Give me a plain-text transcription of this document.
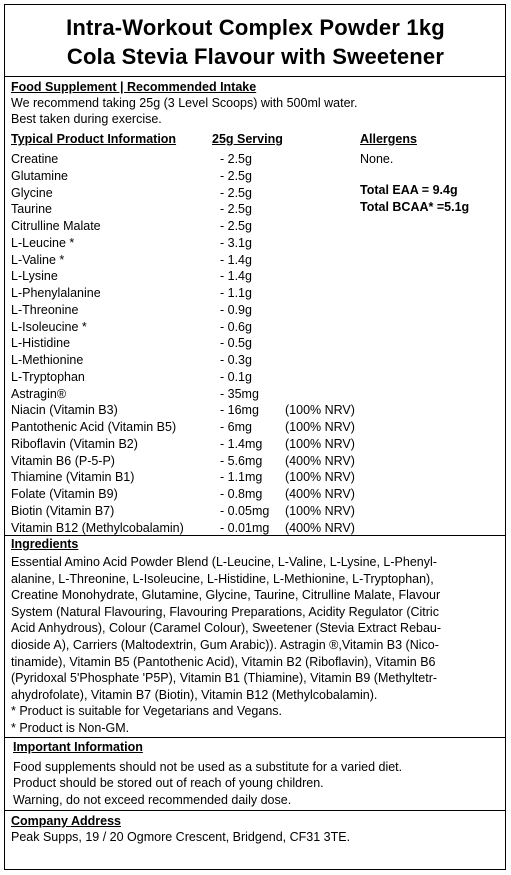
Intra-Workout Complex Powder 1kg
Cola Stevia Flavour with Sweetener
Food Supplement | Recommended Intake
We recommend taking 25g (3 Level Scoops) with 500ml water.
Best taken during exercise.
Typical Product Information	25g Serving	Allergens
Creatine	- 2.5g
Glutamine	- 2.5g
Glycine	- 2.5g
Taurine	- 2.5g
Citrulline Malate	- 2.5g
L-Leucine *	- 3.1g
L-Valine *	- 1.4g
L-Lysine	- 1.4g
L-Phenylalanine	- 1.1g
L-Threonine	- 0.9g
L-Isoleucine *	- 0.6g
L-Histidine	- 0.5g
L-Methionine	- 0.3g
L-Tryptophan	- 0.1g
Astragin®	- 35mg
Niacin (Vitamin B3)	- 16mg (100% NRV)
Pantothenic Acid (Vitamin B5)	- 6mg	(100% NRV)
Riboflavin (Vitamin B2)	- 1.4mg (100% NRV)
Vitamin B6 (P-5-P)	- 5.6mg (400% NRV)
Thiamine (Vitamin B1)	- 1.1mg (100% NRV)
Folate (Vitamin B9)	- 0.8mg (400% NRV)
Biotin (Vitamin B7)	- 0.05mg (100% NRV)
Vitamin B12 (Methylcobalamin)	- 0.01mg (400% NRV)
None.
Total EAA = 9.4g
Total BCAA* =5.1g
Ingredients
Essential Amino Acid Powder Blend (L-Leucine, L-Valine, L-Lysine, L-Phenyl-
alanine, L-Threonine, L-Isoleucine, L-Histidine, L-Methionine, L-Tryptophan),
Creatine Monohydrate, Glutamine, Glycine, Taurine, Citrulline Malate, Flavour
System (Natural Flavouring, Flavouring Preparations, Acidity Regulator (Citric
Acid Anhydrous), Colour (Caramel Colour), Sweetener (Stevia Extract Rebau-
dioside A), Carriers (Maltodextrin, Gum Arabic)). Astragin ®,Vitamin B3 (Nico-
tinamide), Vitamin B5 (Pantothenic Acid), Vitamin B2 (Riboflavin), Vitamin B6
(Pyridoxal 5'Phosphate 'P5P), Vitamin B1 (Thiamine), Vitamin B9 (Methyltetr-
ahydrofolate), Vitamin B7 (Biotin), Vitamin B12 (Methylcobalamin).
* Product is suitable for Vegetarians and Vegans.
* Product is Non-GM.
Important Information
Food supplements should not be used as a substitute for a varied diet.
Product should be stored out of reach of young children.
Warning, do not exceed recommended daily dose.
Company Address
Peak Supps, 19 / 20 Ogmore Crescent, Bridgend, CF31 3TE.
